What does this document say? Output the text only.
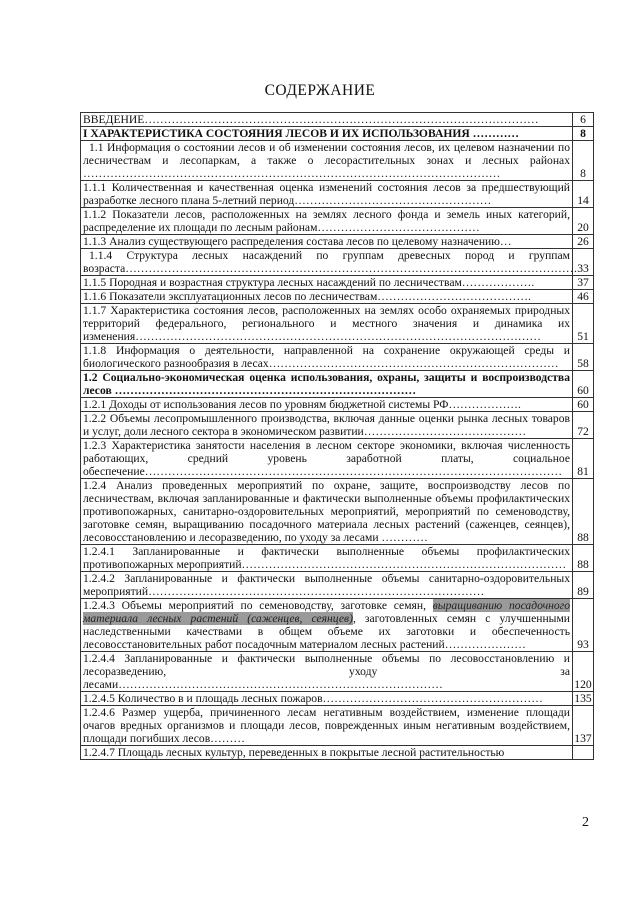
СОДЕРЖАНИЕ
ВВЕДЕНИЕ…………………………………………………………………………………………	6
I ХАРАКТЕРИСТИКА СОСТОЯНИЯ ЛЕСОВ И ИХ ИСПОЛЬЗОВАНИЯ …………	8
1.1 Информация о состоянии лесов и об изменении состояния лесов, их целевом назначении по лесничествам и лесопаркам, а также о лесорастительных зонах и лесных районах ………………………………………………………………………………………………	8
1.1.1 Количественная и качественная оценка изменений состояния лесов за предшествующий разработке лесного плана 5-летний период……………………………………………	14
1.1.2 Показатели лесов, расположенных на землях лесного фонда и земель иных категорий, распределение их площади по лесным районам……………………………………	20
1.1.3 Анализ существующего распределения состава лесов по целевому назначению…	26
1.1.4 Структура лесных насаждений по группам древесных пород и группам возраста………………………………………………………………………………………………………	33
1.1.5 Породная и возрастная структура лесных насаждений по лесничествам……………….	37
1.1.6 Показатели эксплуатационных лесов по лесничествам………………………………….	46
1.1.7 Характеристика состояния лесов, расположенных на землях особо охраняемых природных территорий федерального, регионального и местного значения и динамика их изменения……………………………………………………………………………………………	51
1.1.8 Информация о деятельности, направленной на сохранение окружающей среды и биологического разнообразия в лесах…………………………………………………………………	58
1.2 Социально-экономическая оценка использования, охраны, защиты и воспроизводства лесов ……………………………………………………………………	60
1.2.1 Доходы от использования лесов по уровням бюджетной системы РФ……………….	60
1.2.2 Объемы лесопромышленного производства, включая данные оценки рынка лесных товаров и услуг, доли лесного сектора в экономическом развитии……………………………………	72
1.2.3 Характеристика занятости населения в лесном секторе экономики, включая численность работающих, средний уровень заработной платы, социальное обеспечение………………………………………………………………………………………………	81
1.2.4 Анализ проведенных мероприятий по охране, защите, воспроизводству лесов по лесничествам, включая запланированные и фактически выполненные объемы профилактических противопожарных, санитарно-оздоровительных мероприятий, мероприятий по семеноводству, заготовке семян, выращиванию посадочного материала лесных растений (саженцев, сеянцев), лесовосстановлению и лесоразведению, по уходу за лесами …………	88
1.2.4.1 Запланированные и фактически выполненные объемы профилактических противопожарных мероприятий…………………………………………………………………………	88
1.2.4.2 Запланированные и фактически выполненные объемы санитарно-оздоровительных мероприятий……………………………………………………………………………	89
1.2.4.3 Объемы мероприятий по семеноводству, заготовке семян, выращиванию посадочного материала лесных растений (саженцев, сеянцев), заготовленных семян с улучшенными наследственными качествами в общем объеме их заготовки и обеспеченность лесовосстановительных работ посадочным материалом лесных растений…………………	93
1.2.4.4 Запланированные и фактически выполненные объемы по лесовосстановлению и лесоразведению, уходу за лесами…………………………………………………………………………	120
1.2.4.5 Количество в и площадь лесных пожаров…………………………………………………	135
1.2.4.6 Размер ущерба, причиненного лесам негативным воздействием, изменение площади очагов вредных организмов и площади лесов, поврежденных иным негативным воздействием, площади погибших лесов………	137
1.2.4.7 Площадь лесных культур, переведенных в покрытые лесной растительностью	
2
